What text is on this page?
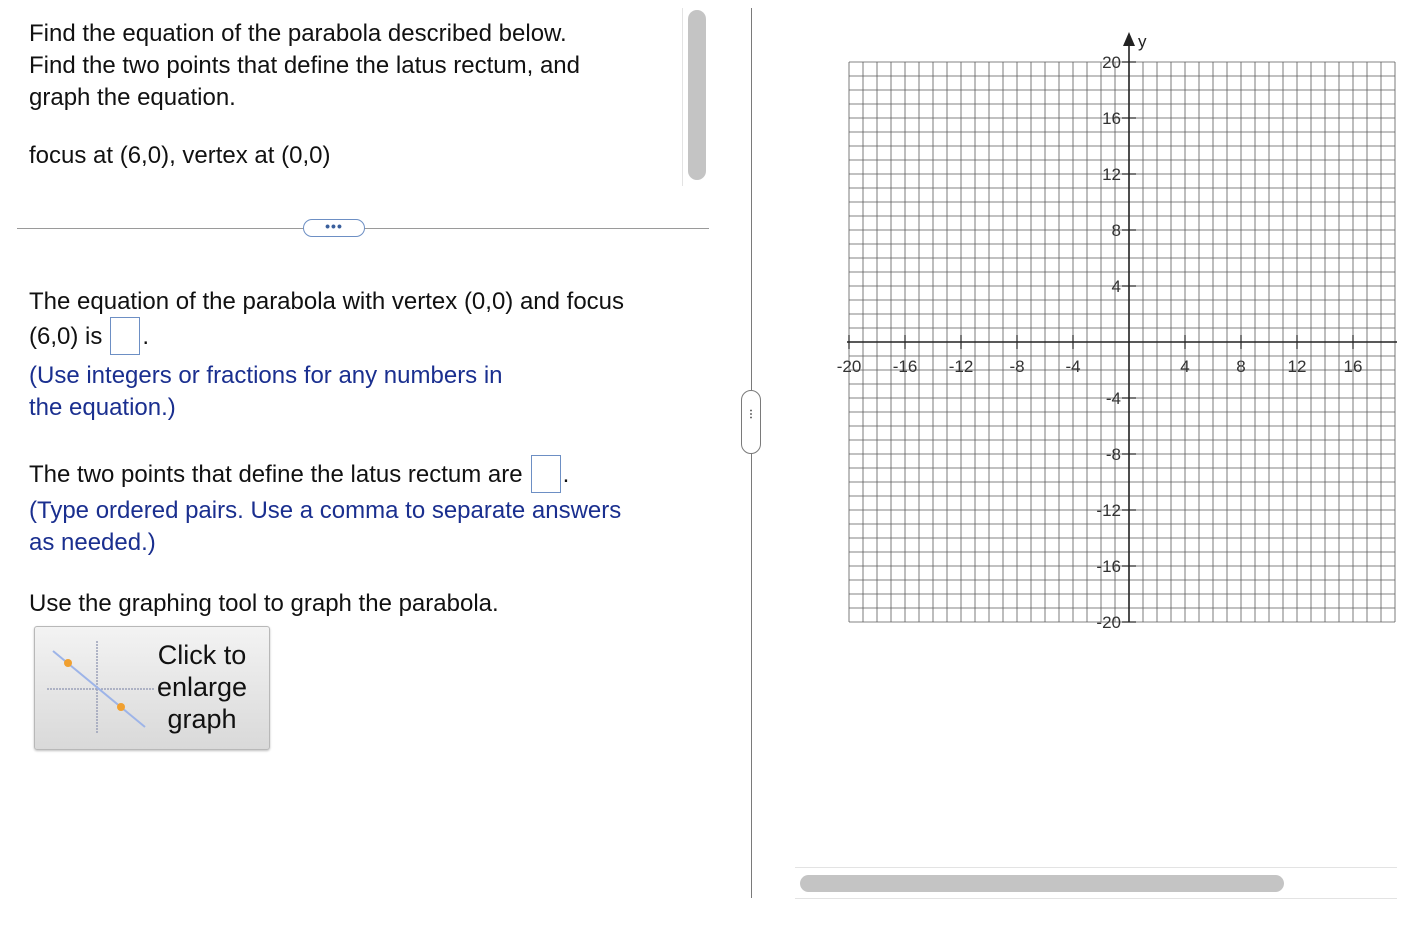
Find the equation of the parabola described below.
Find the two points that define the latus rectum, and
graph the equation.
focus at (6,0), vertex at (0,0)
•••
The equation of the parabola with vertex (0,0) and focus
(6,0) is .
(Use integers or fractions for any numbers in
the equation.)
The two points that define the latus rectum are .
(Type ordered pairs. Use a comma to separate answers
as needed.)
Use the graphing tool to graph the parabola.
Click to
enlarge
graph
⋮
y
-20 -16 -12 -8 -4	4	8 12 16
20
16
12
8
4
-4
-8
-12
-16
-20
